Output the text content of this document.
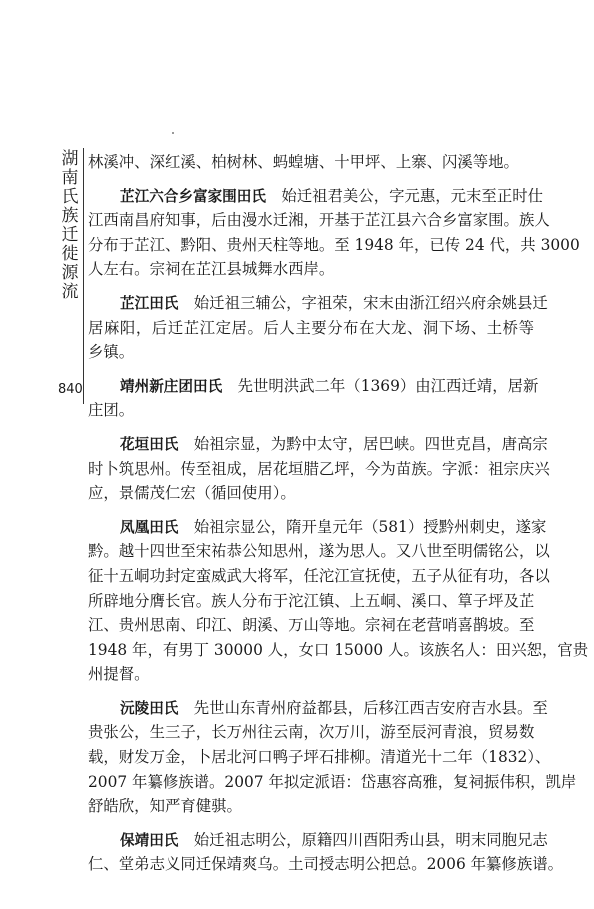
湖南氏族迁徙源流
840
林溪冲、深红溪、柏树林、蚂蝗塘、十甲坪、上寨、闪溪等地。
芷江六合乡富家围田氏  始迁祖君美公，字元惠，元末至正时仕
江西南昌府知事，后由漫水迁湘，开基于芷江县六合乡富家围。族人
分布于芷江、黔阳、贵州天柱等地。至 1948 年，已传 24 代，共 3000
人左右。宗祠在芷江县城舞水西岸。
芷江田氏  始迁祖三辅公，字祖荣，宋末由浙江绍兴府余姚县迁
居麻阳，后迁芷江定居。后人主要分布在大龙、洞下场、土桥等
乡镇。
靖州新庄团田氏  先世明洪武二年（1369）由江西迁靖，居新
庄团。
花垣田氏  始祖宗显，为黔中太守，居巴峡。四世克昌，唐高宗
时卜筑思州。传至祖成，居花垣腊乙坪，今为苗族。字派：祖宗庆兴
应，景儒茂仁宏（循回使用）。
凤凰田氏  始祖宗显公，隋开皇元年（581）授黔州刺史，遂家
黔。越十四世至宋祐恭公知思州，遂为思人。又八世至明儒铭公，以
征十五峒功封定蛮威武大将军，任沱江宣抚使，五子从征有功，各以
所辟地分膺长官。族人分布于沱江镇、上五峒、溪口、筸子坪及芷
江、贵州思南、印江、朗溪、万山等地。宗祠在老营哨喜鹊坡。至
1948 年，有男丁 30000 人，女口 15000 人。该族名人：田兴恕，官贵
州提督。
沅陵田氏  先世山东青州府益都县，后移江西吉安府吉水县。至
贵张公，生三子，长万州往云南，次万川，游至辰河青浪，贸易数
载，财发万金，卜居北河口鸭子坪石排柳。清道光十二年（1832）、
2007 年纂修族谱。2007 年拟定派语：岱惠容高雅，复祠振伟积，凯岸
舒皓欣，知严育健骐。
保靖田氏  始迁祖志明公，原籍四川酉阳秀山县，明末同胞兄志
仁、堂弟志义同迁保靖爽乌。土司授志明公把总。2006 年纂修族谱。
